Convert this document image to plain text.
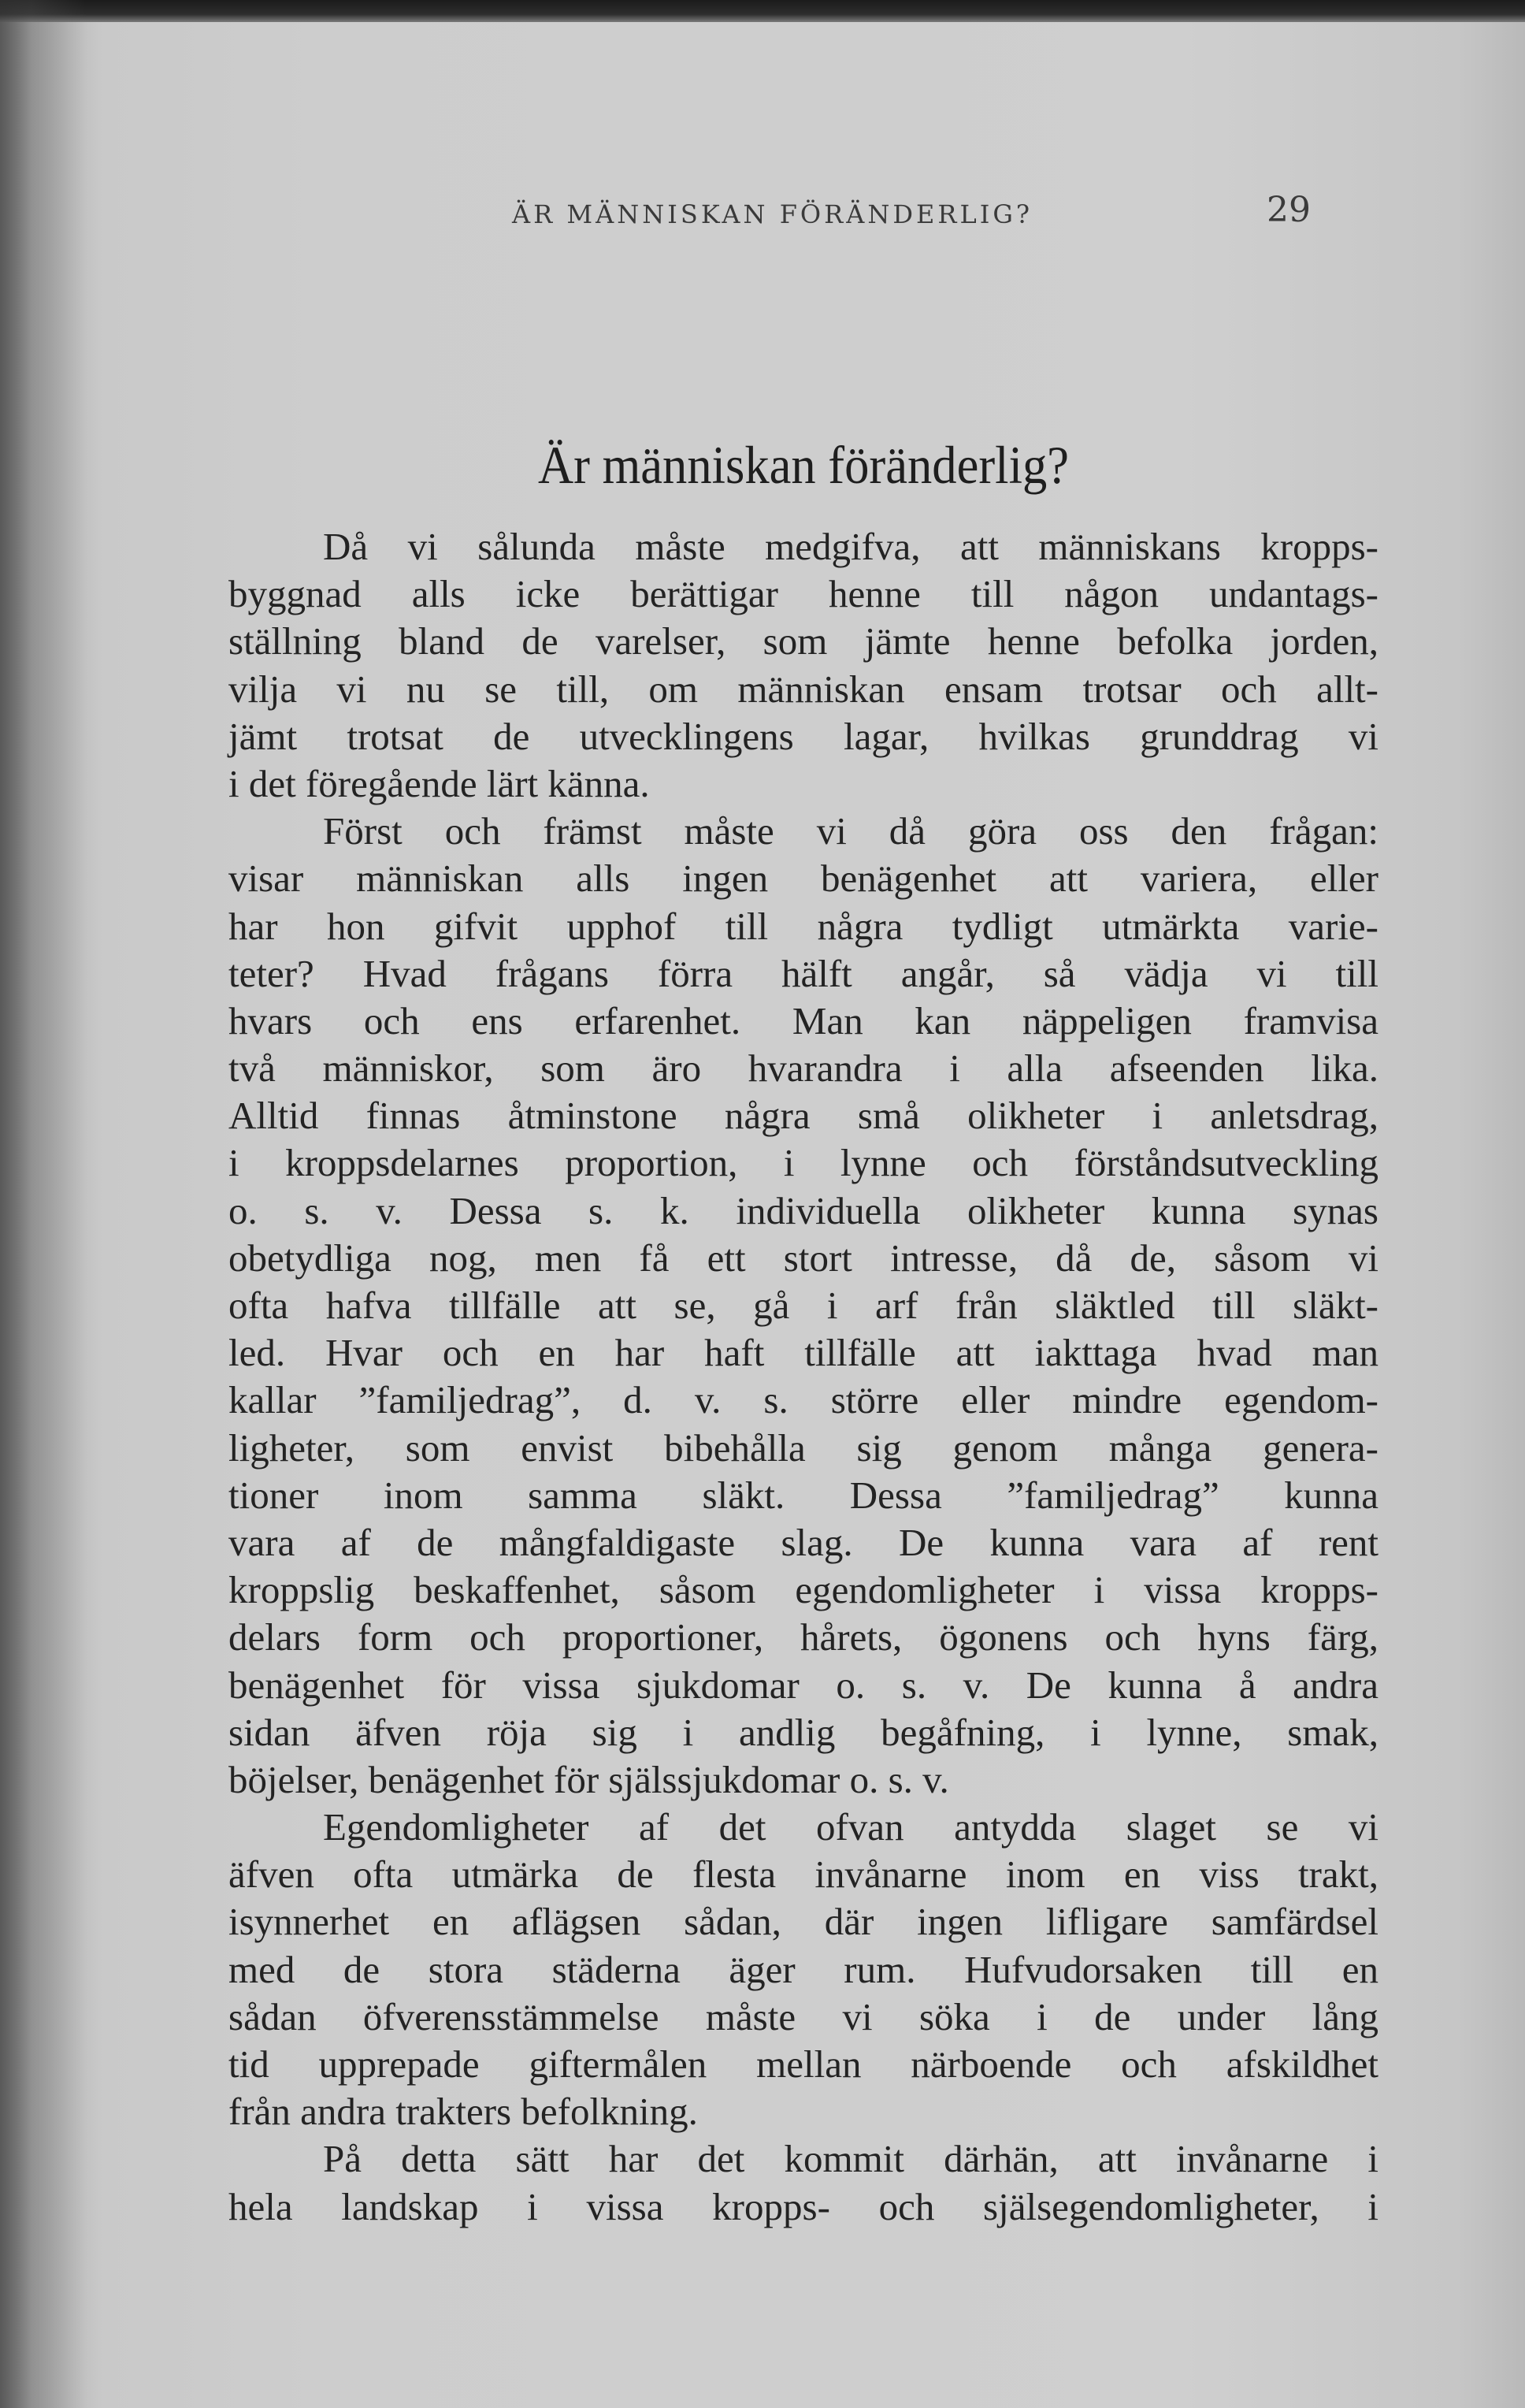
ÄR MÄNNISKAN FÖRÄNDERLIG?	29
Är människan föränderlig?
Då vi sålunda måste medgifva, att människans kropps-
byggnad alls icke berättigar henne till någon undantags-
ställning bland de varelser, som jämte henne befolka jorden,
vilja vi nu se till, om människan ensam trotsar och allt-
jämt trotsat de utvecklingens lagar, hvilkas grunddrag vi
i det föregående lärt känna.
Först och främst måste vi då göra oss den frågan:
visar människan alls ingen benägenhet att variera, eller
har hon gifvit upphof till några tydligt utmärkta varie-
teter? Hvad frågans förra hälft angår, så vädja vi till
hvars och ens erfarenhet. Man kan näppeligen framvisa
två människor, som äro hvarandra i alla afseenden lika.
Alltid finnas åtminstone några små olikheter i anletsdrag,
i kroppsdelarnes proportion, i lynne och förståndsutveckling
o. s. v. Dessa s. k. individuella olikheter kunna synas
obetydliga nog, men få ett stort intresse, då de, såsom vi
ofta hafva tillfälle att se, gå i arf från släktled till släkt-
led. Hvar och en har haft tillfälle att iakttaga hvad man
kallar ”familjedrag”, d. v. s. större eller mindre egendom-
ligheter, som envist bibehålla sig genom många genera-
tioner inom samma släkt. Dessa ”familjedrag” kunna
vara af de mångfaldigaste slag. De kunna vara af rent
kroppslig beskaffenhet, såsom egendomligheter i vissa kropps-
delars form och proportioner, hårets, ögonens och hyns färg,
benägenhet för vissa sjukdomar o. s. v. De kunna å andra
sidan äfven röja sig i andlig begåfning, i lynne, smak,
böjelser, benägenhet för själssjukdomar o. s. v.
Egendomligheter af det ofvan antydda slaget se vi
äfven ofta utmärka de flesta invånarne inom en viss trakt,
isynnerhet en aflägsen sådan, där ingen lifligare samfärdsel
med de stora städerna äger rum. Hufvudorsaken till en
sådan öfverensstämmelse måste vi söka i de under lång
tid upprepade giftermålen mellan närboende och afskildhet
från andra trakters befolkning.
På detta sätt har det kommit därhän, att invånarne i
hela landskap i vissa kropps- och själsegendomligheter, i
